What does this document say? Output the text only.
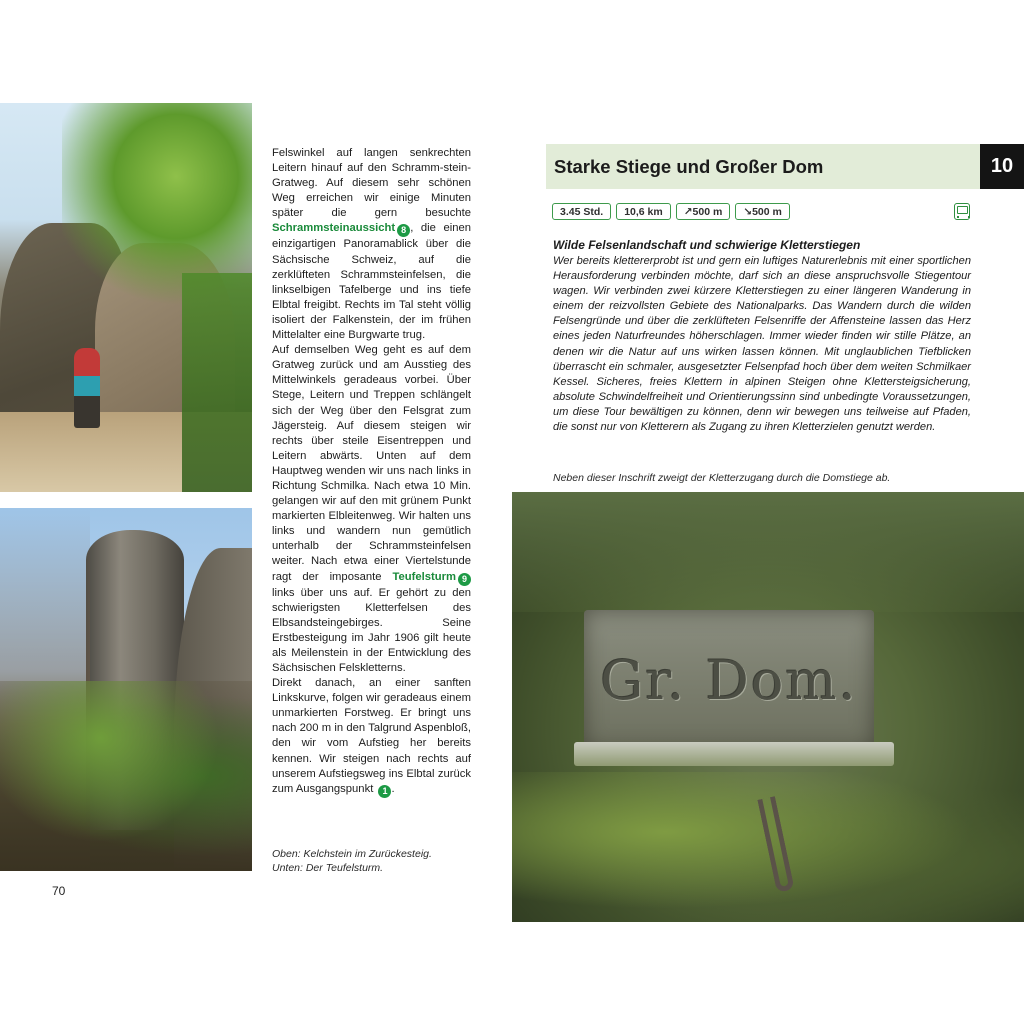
Felswinkel auf langen senkrechten Leitern hinauf auf den Schramm-stein-Gratweg. Auf diesem sehr schönen Weg erreichen wir einige Minuten später die gern besuchte Schrammsteinaussicht 8 , die einen einzigartigen Panoramablick über die Sächsische Schweiz, auf die zerklüfteten Schrammsteinfelsen, die linkselbigen Tafelberge und ins tiefe Elbtal freigibt. Rechts im Tal steht völlig isoliert der Falkenstein, der im frühen Mittelalter eine Burgwarte trug.

Auf demselben Weg geht es auf dem Gratweg zurück und am Ausstieg des Mittelwinkels geradeaus vorbei. Über Stege, Leitern und Treppen schlängelt sich der Weg über den Felsgrat zum Jägersteig. Auf diesem steigen wir rechts über steile Eisentreppen und Leitern abwärts. Unten auf dem Hauptweg wenden wir uns nach links in Richtung Schmilka. Nach etwa 10 Min. gelangen wir auf den mit grünem Punkt markierten Elbleitenweg. Wir halten uns links und wandern nun gemütlich unterhalb der Schrammsteinfelsen weiter. Nach etwa einer Viertelstunde ragt der imposante Teufelsturm 9 links über uns auf. Er gehört zu den schwierigsten Kletterfelsen des Elbsandsteingebirges. Seine Erstbesteigung im Jahr 1906 gilt heute als Meilenstein in der Entwicklung des Sächsischen Felskletterns.

Direkt danach, an einer sanften Linkskurve, folgen wir geradeaus einem unmarkierten Forstweg. Er bringt uns nach 200 m in den Talgrund Aspenbloß, den wir vom Aufstieg her bereits kennen. Wir steigen nach rechts auf unserem Aufstiegsweg ins Elbtal zurück zum Ausgangspunkt 1 .

Oben: Kelchstein im Zurückesteig.
Unten: Der Teufelsturm.
70
Starke Stiege und Großer Dom	10
3.45 Std.	10,6 km	↗500 m	↘500 m
Wilde Felsenlandschaft und schwierige Kletterstiegen
Wer bereits klettererprobt ist und gern ein luftiges Naturerlebnis mit einer sportlichen Herausforderung verbinden möchte, darf sich an diese anspruchsvolle Stiegentour wagen. Wir verbinden zwei kürzere Kletterstiegen zu einer längeren Wanderung in einem der reizvollsten Gebiete des Nationalparks. Das Wandern durch die wilden Felsengründe und über die zerklüfteten Felsenriffe der Affensteine lassen das Herz eines jeden Naturfreundes höherschlagen. Immer wieder finden wir stille Plätze, an denen wir die Natur auf uns wirken lassen können. Mit unglaublichen Tiefblicken überrascht ein schmaler, ausgesetzter Felsenpfad hoch über dem weiten Schmilkaer Kessel. Sicheres, freies Klettern in alpinen Steigen ohne Klettersteigsicherung, absolute Schwindelfreiheit und Orientierungssinn sind unbedingte Voraussetzungen, um diese Tour bewältigen zu können, denn wir bewegen uns teilweise auf Pfaden, die sonst nur von Kletterern als Zugang zu ihren Kletterzielen genutzt werden.
Neben dieser Inschrift zweigt der Kletterzugang durch die Domstiege ab.
Gr. Dom.
